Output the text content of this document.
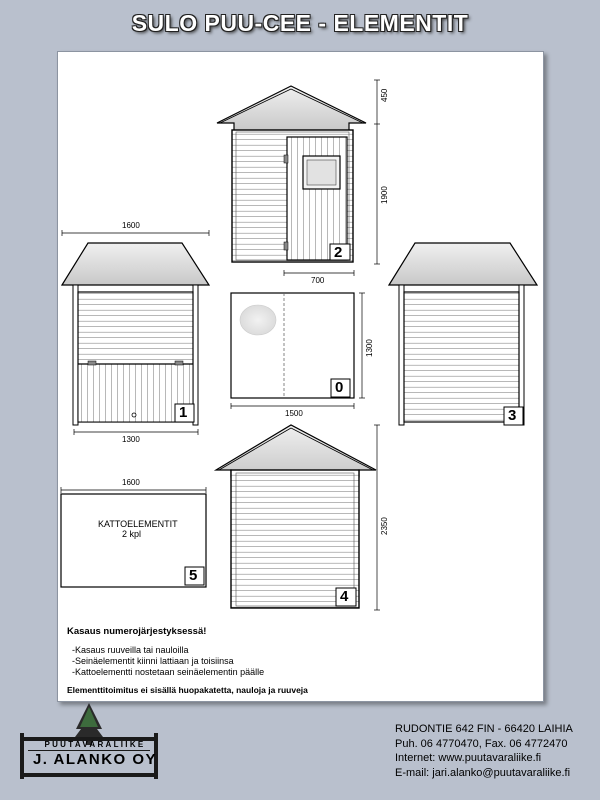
SULO PUU-CEE - ELEMENTIT
2
1
0
3
4
5
450
1900
1600
1300
700
1300
1500
2350
1600
KATTOELEMENTIT
2 kpl
Kasaus numerojärjestyksessä!
-Kasaus ruuveilla tai nauloilla
-Seinäelementit kiinni lattiaan ja toisiinsa
-Kattoelementti nostetaan seinäelementin päälle
Elementtitoimitus ei sisällä huopakatetta, nauloja ja ruuveja
PUUTAVARALIIKE
J. ALANKO OY
RUDONTIE 642 FIN - 66420 LAIHIA
Puh. 06 4770470, Fax. 06 4772470
Internet: www.puutavaraliike.fi
E-mail: jari.alanko@puutavaraliike.fi
